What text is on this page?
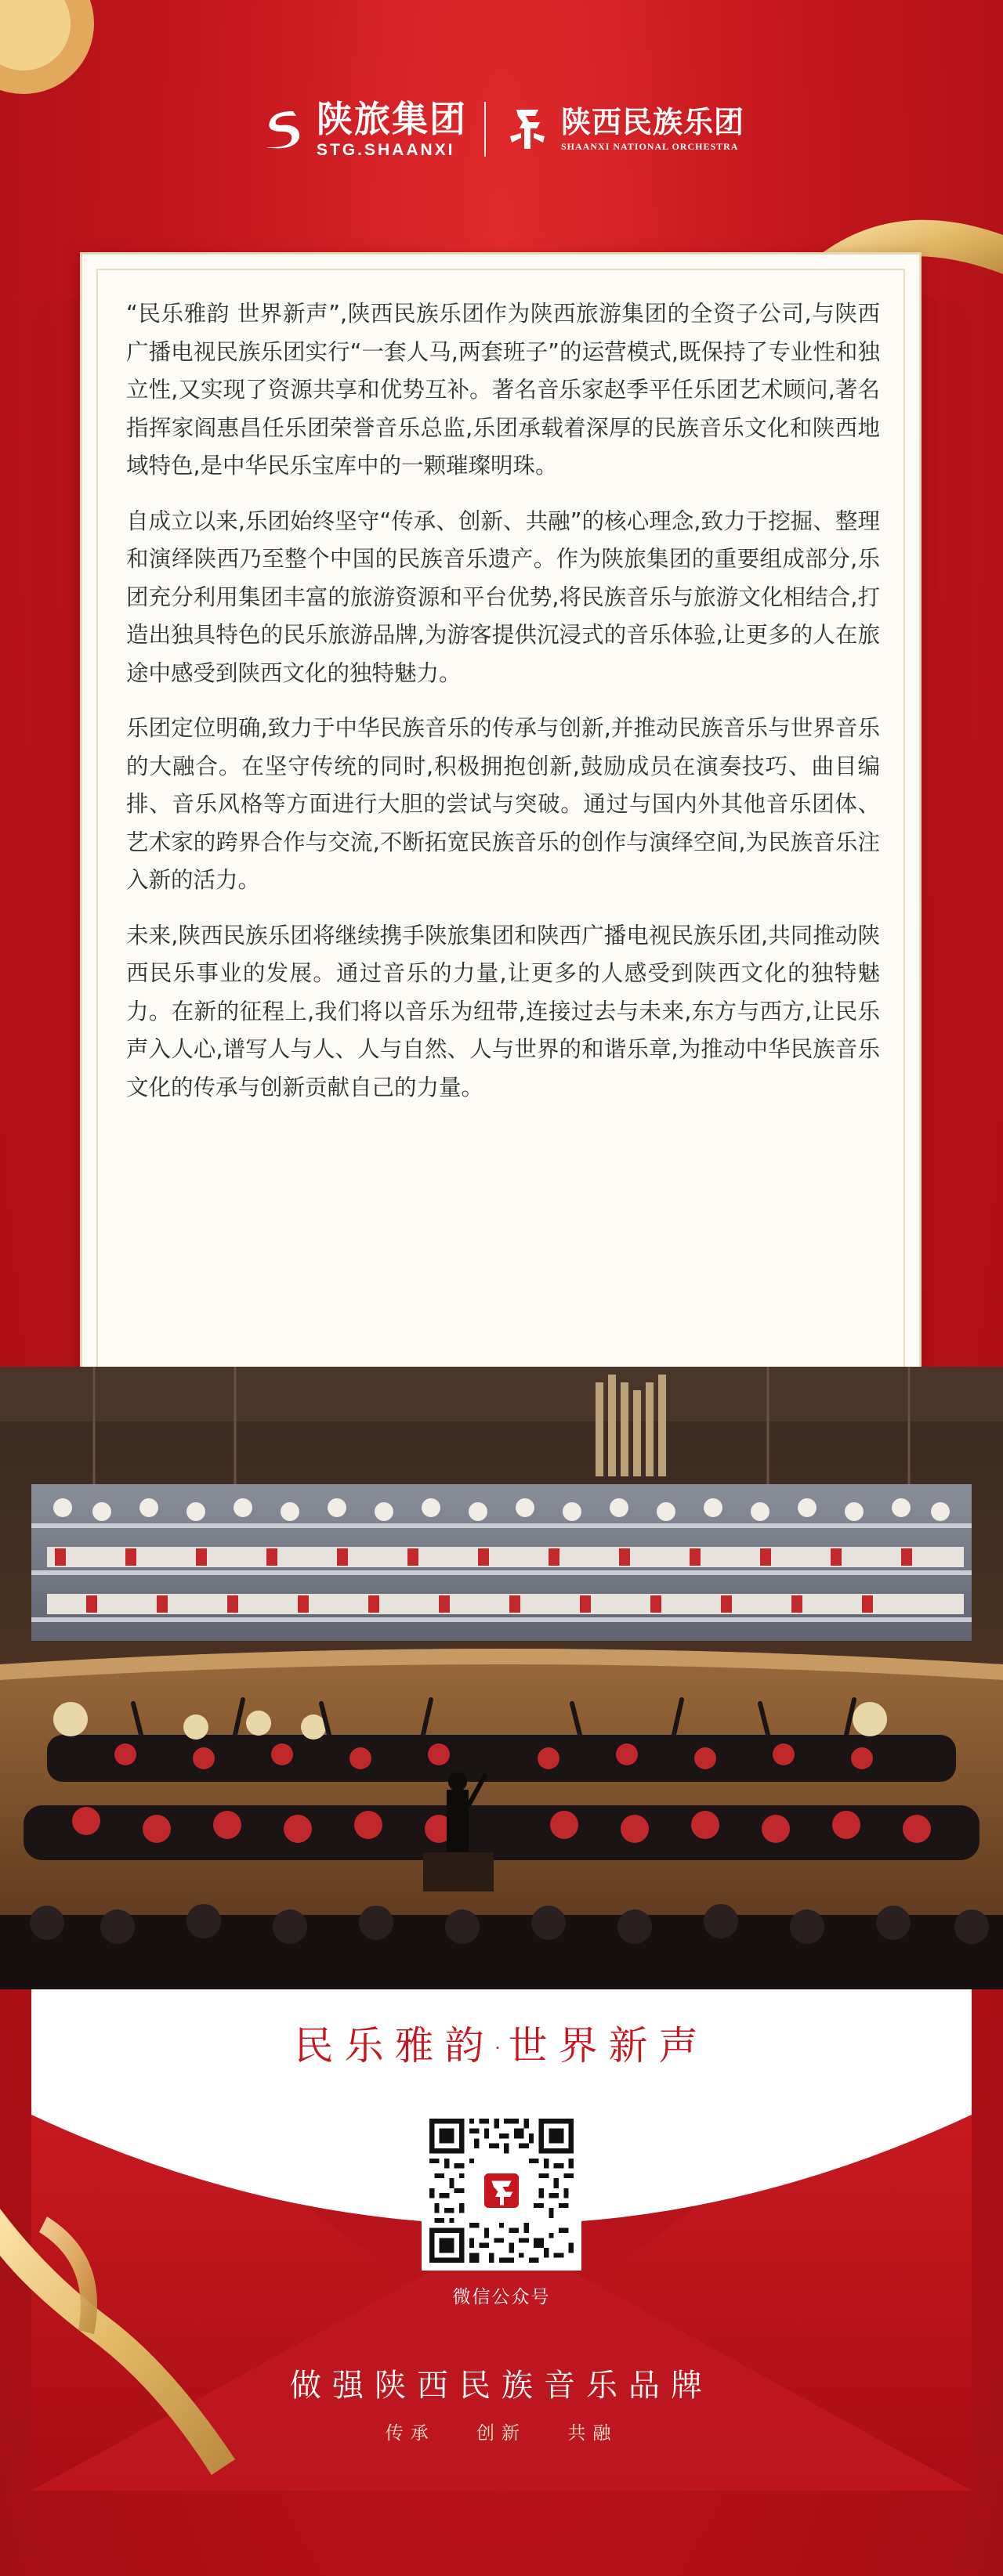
陕旅集团
STG.SHAANXI
陕西民族乐团
SHAANXI NATIONAL ORCHESTRA

“民乐雅韵 世界新声”,陕西民族乐团作为陕西旅游集团的全资子公司,与陕西广播电视民族乐团实行“一套人马,两套班子”的运营模式,既保持了专业性和独立性,又实现了资源共享和优势互补。著名音乐家赵季平任乐团艺术顾问,著名指挥家阎惠昌任乐团荣誉音乐总监,乐团承载着深厚的民族音乐文化和陕西地域特色,是中华民乐宝库中的一颗璀璨明珠。

自成立以来,乐团始终坚守“传承、创新、共融”的核心理念,致力于挖掘、整理和演绎陕西乃至整个中国的民族音乐遗产。作为陕旅集团的重要组成部分,乐团充分利用集团丰富的旅游资源和平台优势,将民族音乐与旅游文化相结合,打造出独具特色的民乐旅游品牌,为游客提供沉浸式的音乐体验,让更多的人在旅途中感受到陕西文化的独特魅力。

乐团定位明确,致力于中华民族音乐的传承与创新,并推动民族音乐与世界音乐的大融合。在坚守传统的同时,积极拥抱创新,鼓励成员在演奏技巧、曲目编排、音乐风格等方面进行大胆的尝试与突破。通过与国内外其他音乐团体、艺术家的跨界合作与交流,不断拓宽民族音乐的创作与演绎空间,为民族音乐注入新的活力。

未来,陕西民族乐团将继续携手陕旅集团和陕西广播电视民族乐团,共同推动陕西民乐事业的发展。通过音乐的力量,让更多的人感受到陕西文化的独特魅力。在新的征程上,我们将以音乐为纽带,连接过去与未来,东方与西方,让民乐声入人心,谱写人与人、人与自然、人与世界的和谐乐章,为推动中华民族音乐文化的传承与创新贡献自己的力量。

民乐雅韵·世界新声
微信公众号
做强陕西民族音乐品牌
传承 创新 共融
